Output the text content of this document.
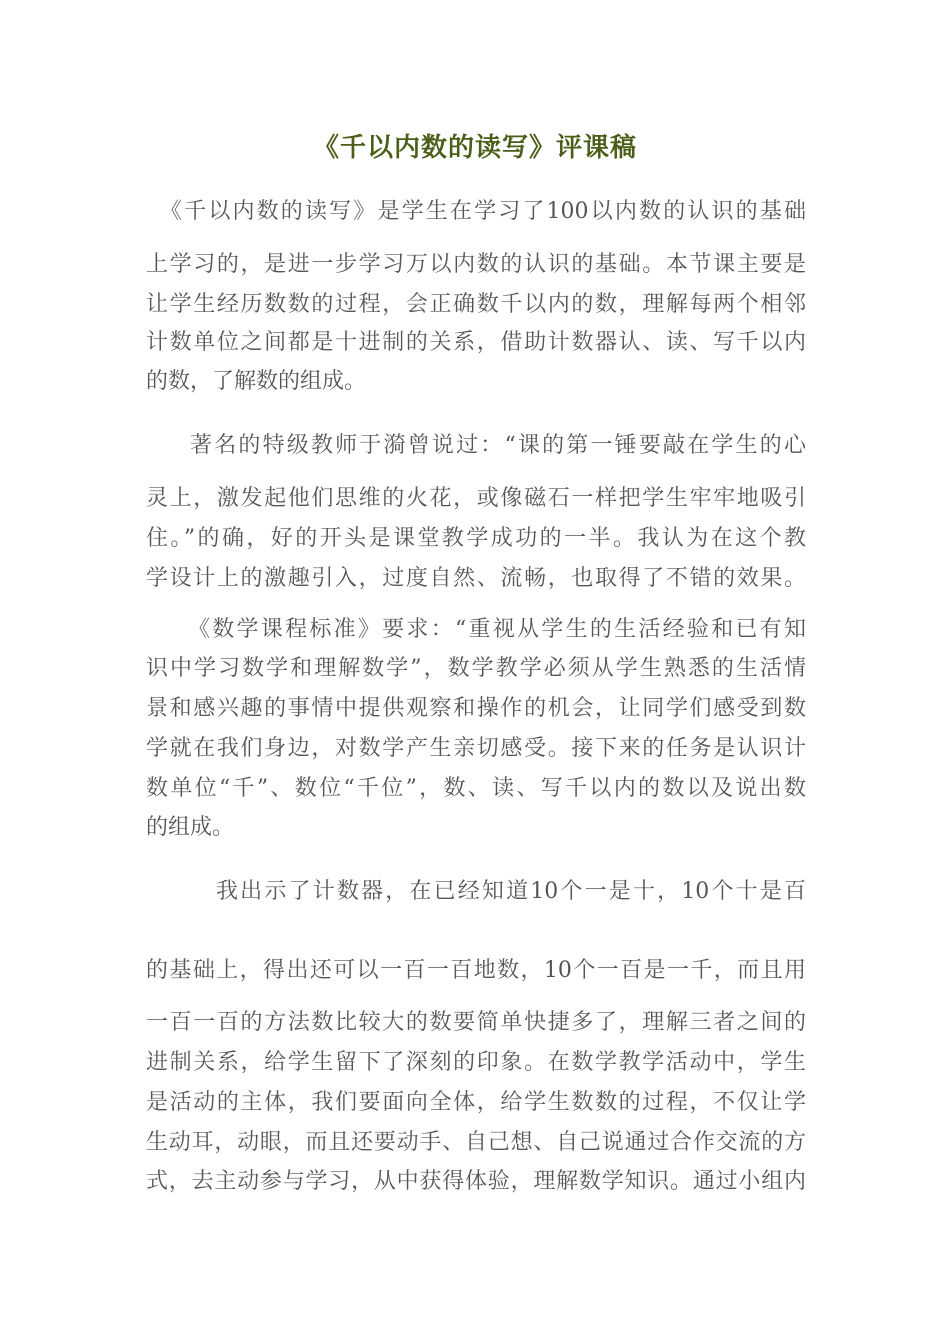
《千以内数的读写》评课稿
《千以内数的读写》是学生在学习了100以内数的认识的基础
上学习的，是进一步学习万以内数的认识的基础。本节课主要是
让学生经历数数的过程，会正确数千以内的数，理解每两个相邻
计数单位之间都是十进制的关系，借助计数器认、读、写千以内
的数，了解数的组成。
著名的特级教师于漪曾说过：“课的第一锤要敲在学生的心
灵上，激发起他们思维的火花，或像磁石一样把学生牢牢地吸引
住。”的确，好的开头是课堂教学成功的一半。我认为在这个教
学设计上的激趣引入，过度自然、流畅，也取得了不错的效果。
《数学课程标准》要求：“重视从学生的生活经验和已有知
识中学习数学和理解数学”，数学教学必须从学生熟悉的生活情
景和感兴趣的事情中提供观察和操作的机会，让同学们感受到数
学就在我们身边，对数学产生亲切感受。接下来的任务是认识计
数单位“千”、数位“千位”，数、读、写千以内的数以及说出数
的组成。
我出示了计数器，在已经知道10个一是十，10个十是百
的基础上，得出还可以一百一百地数，10个一百是一千，而且用
一百一百的方法数比较大的数要简单快捷多了，理解三者之间的
进制关系，给学生留下了深刻的印象。在数学教学活动中，学生
是活动的主体，我们要面向全体，给学生数数的过程，不仅让学
生动耳，动眼，而且还要动手、自己想、自己说通过合作交流的方
式，去主动参与学习，从中获得体验，理解数学知识。通过小组内
